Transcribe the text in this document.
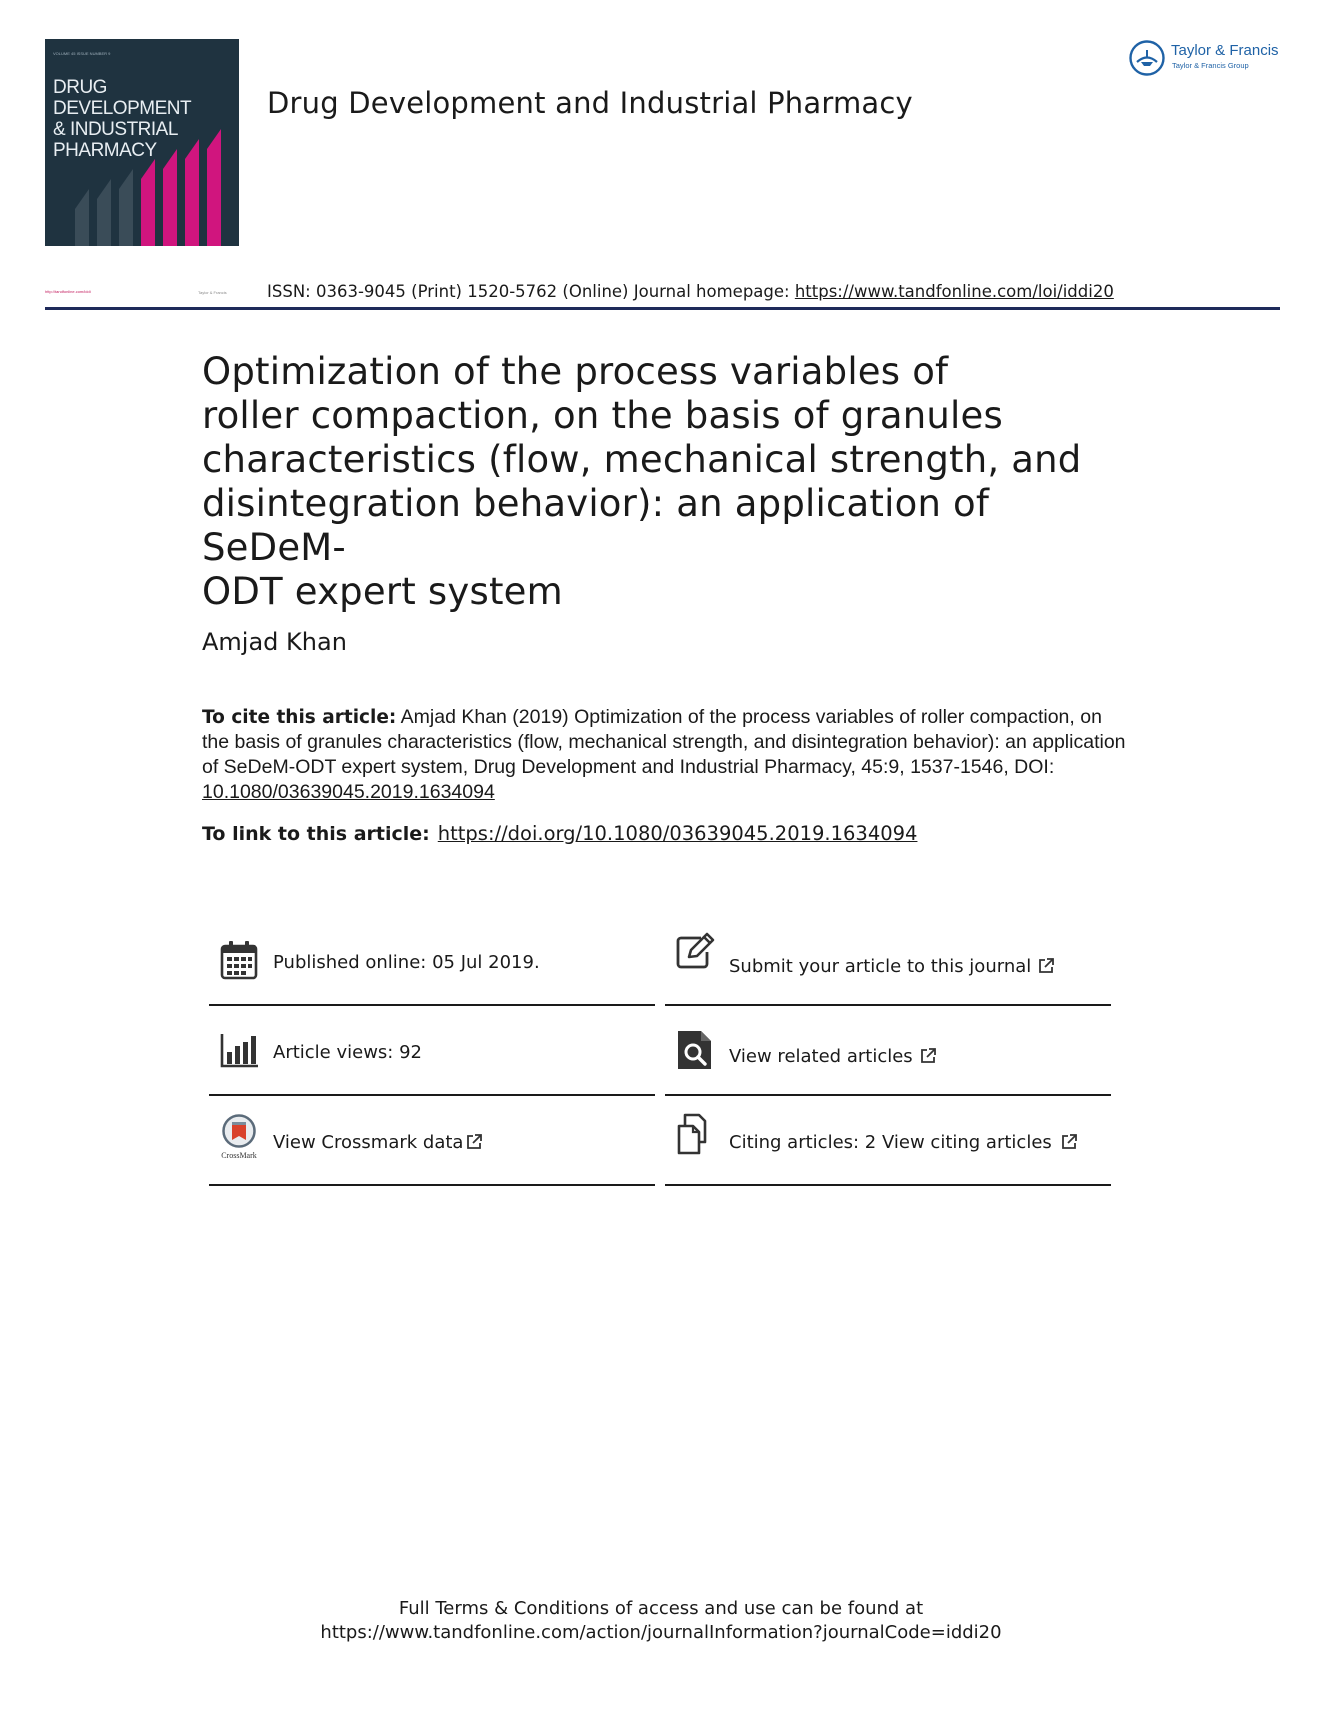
VOLUME 45 ISSUE NUMBER 9
DRUG DEVELOPMENT
& INDUSTRIAL
PHARMACY
Drug Development and Industrial Pharmacy
Taylor & Francis
Taylor & Francis Group
http://tandfonline.com/iddi	Taylor & Francis ISSN: 0363-9045 (Print) 1520-5762 (Online) Journal homepage: https://www.tandfonline.com/loi/iddi20
Optimization of the process variables of
roller compaction, on the basis of granules
characteristics (flow, mechanical strength, and
disintegration behavior): an application of SeDeM-
ODT expert system
Amjad Khan
To cite this article: Amjad Khan (2019) Optimization of the process variables of roller compaction, on the basis of granules characteristics (flow, mechanical strength, and disintegration behavior): an application of SeDeM-ODT expert system, Drug Development and Industrial Pharmacy, 45:9, 1537-1546, DOI: 10.1080/03639045.2019.1634094
To link to this article: https://doi.org/10.1080/03639045.2019.1634094
Published online: 05 Jul 2019.	Submit your article to this journal
Article views: 92	View related articles
CrossMark
View Crossmark data	Citing articles: 2 View citing articles
Full Terms & Conditions of access and use can be found at
https://www.tandfonline.com/action/journalInformation?journalCode=iddi20
